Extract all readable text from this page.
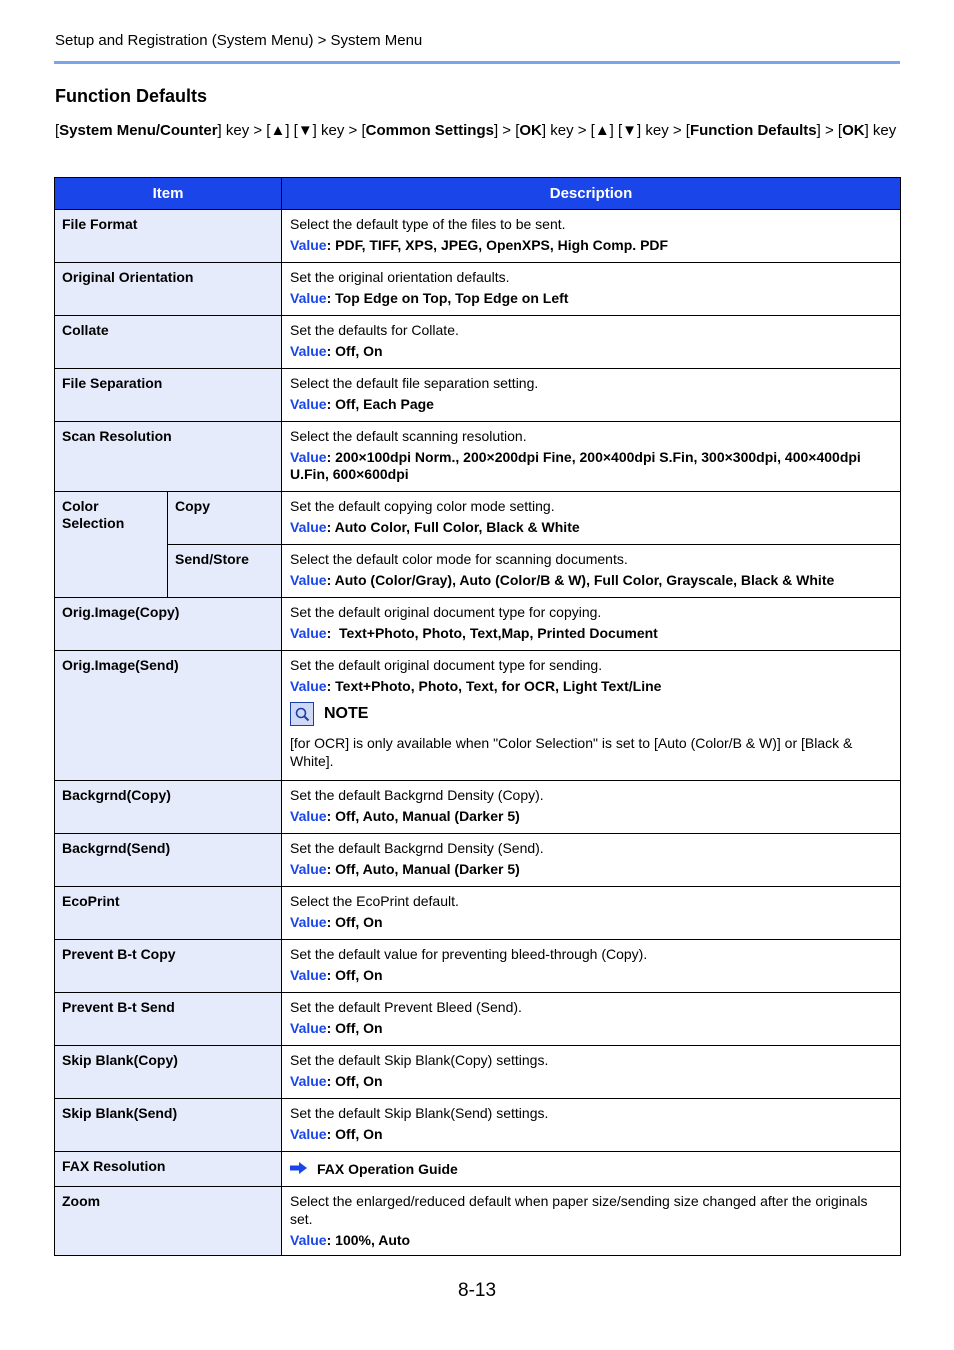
Setup and Registration (System Menu) > System Menu
Function Defaults
[System Menu/Counter] key > [▲] [▼] key > [Common Settings] > [OK] key > [▲] [▼] key > [Function Defaults] > [OK] key
Item		Description
File Format		Select the default type of the files to be sent.
Value: PDF, TIFF, XPS, JPEG, OpenXPS, High Comp. PDF

Original Orientation		Set the original orientation defaults.
Value: Top Edge on Top, Top Edge on Left

Collate		Set the defaults for Collate.
Value: Off, On

File Separation		Select the default file separation setting.
Value: Off, Each Page

Scan Resolution		Select the default scanning resolution.
Value: 200×100dpi Norm., 200×200dpi Fine, 200×400dpi S.Fin, 300×300dpi, 400×400dpi U.Fin, 600×600dpi

Color Selection	Copy	Set the default copying color mode setting.
Value: Auto Color, Full Color, Black & White

	Send/Store	Select the default color mode for scanning documents.
Value: Auto (Color/Gray), Auto (Color/B & W), Full Color, Grayscale, Black & White

Orig.Image(Copy)		Set the default original document type for copying.
Value:  Text+Photo, Photo, Text,Map, Printed Document

Orig.Image(Send)		Set the default original document type for sending.
Value: Text+Photo, Photo, Text, for OCR, Light Text/Line
NOTE
[for OCR] is only available when "Color Selection" is set to [Auto (Color/B & W)] or [Black & White].

Backgrnd(Copy)		Set the default Backgrnd Density (Copy).
Value: Off, Auto, Manual (Darker 5)

Backgrnd(Send)		Set the default Backgrnd Density (Send).
Value: Off, Auto, Manual (Darker 5)

EcoPrint		Select the EcoPrint default.
Value: Off, On

Prevent B-t Copy		Set the default value for preventing bleed-through (Copy).
Value: Off, On

Prevent B-t Send		Set the default Prevent Bleed (Send).
Value: Off, On

Skip Blank(Copy)		Set the default Skip Blank(Copy) settings.
Value: Off, On

Skip Blank(Send)		Set the default Skip Blank(Send) settings.
Value: Off, On

FAX Resolution		FAX Operation Guide

Zoom		Select the enlarged/reduced default when paper size/sending size changed after the originals set.
Value: 100%, Auto
8-13
